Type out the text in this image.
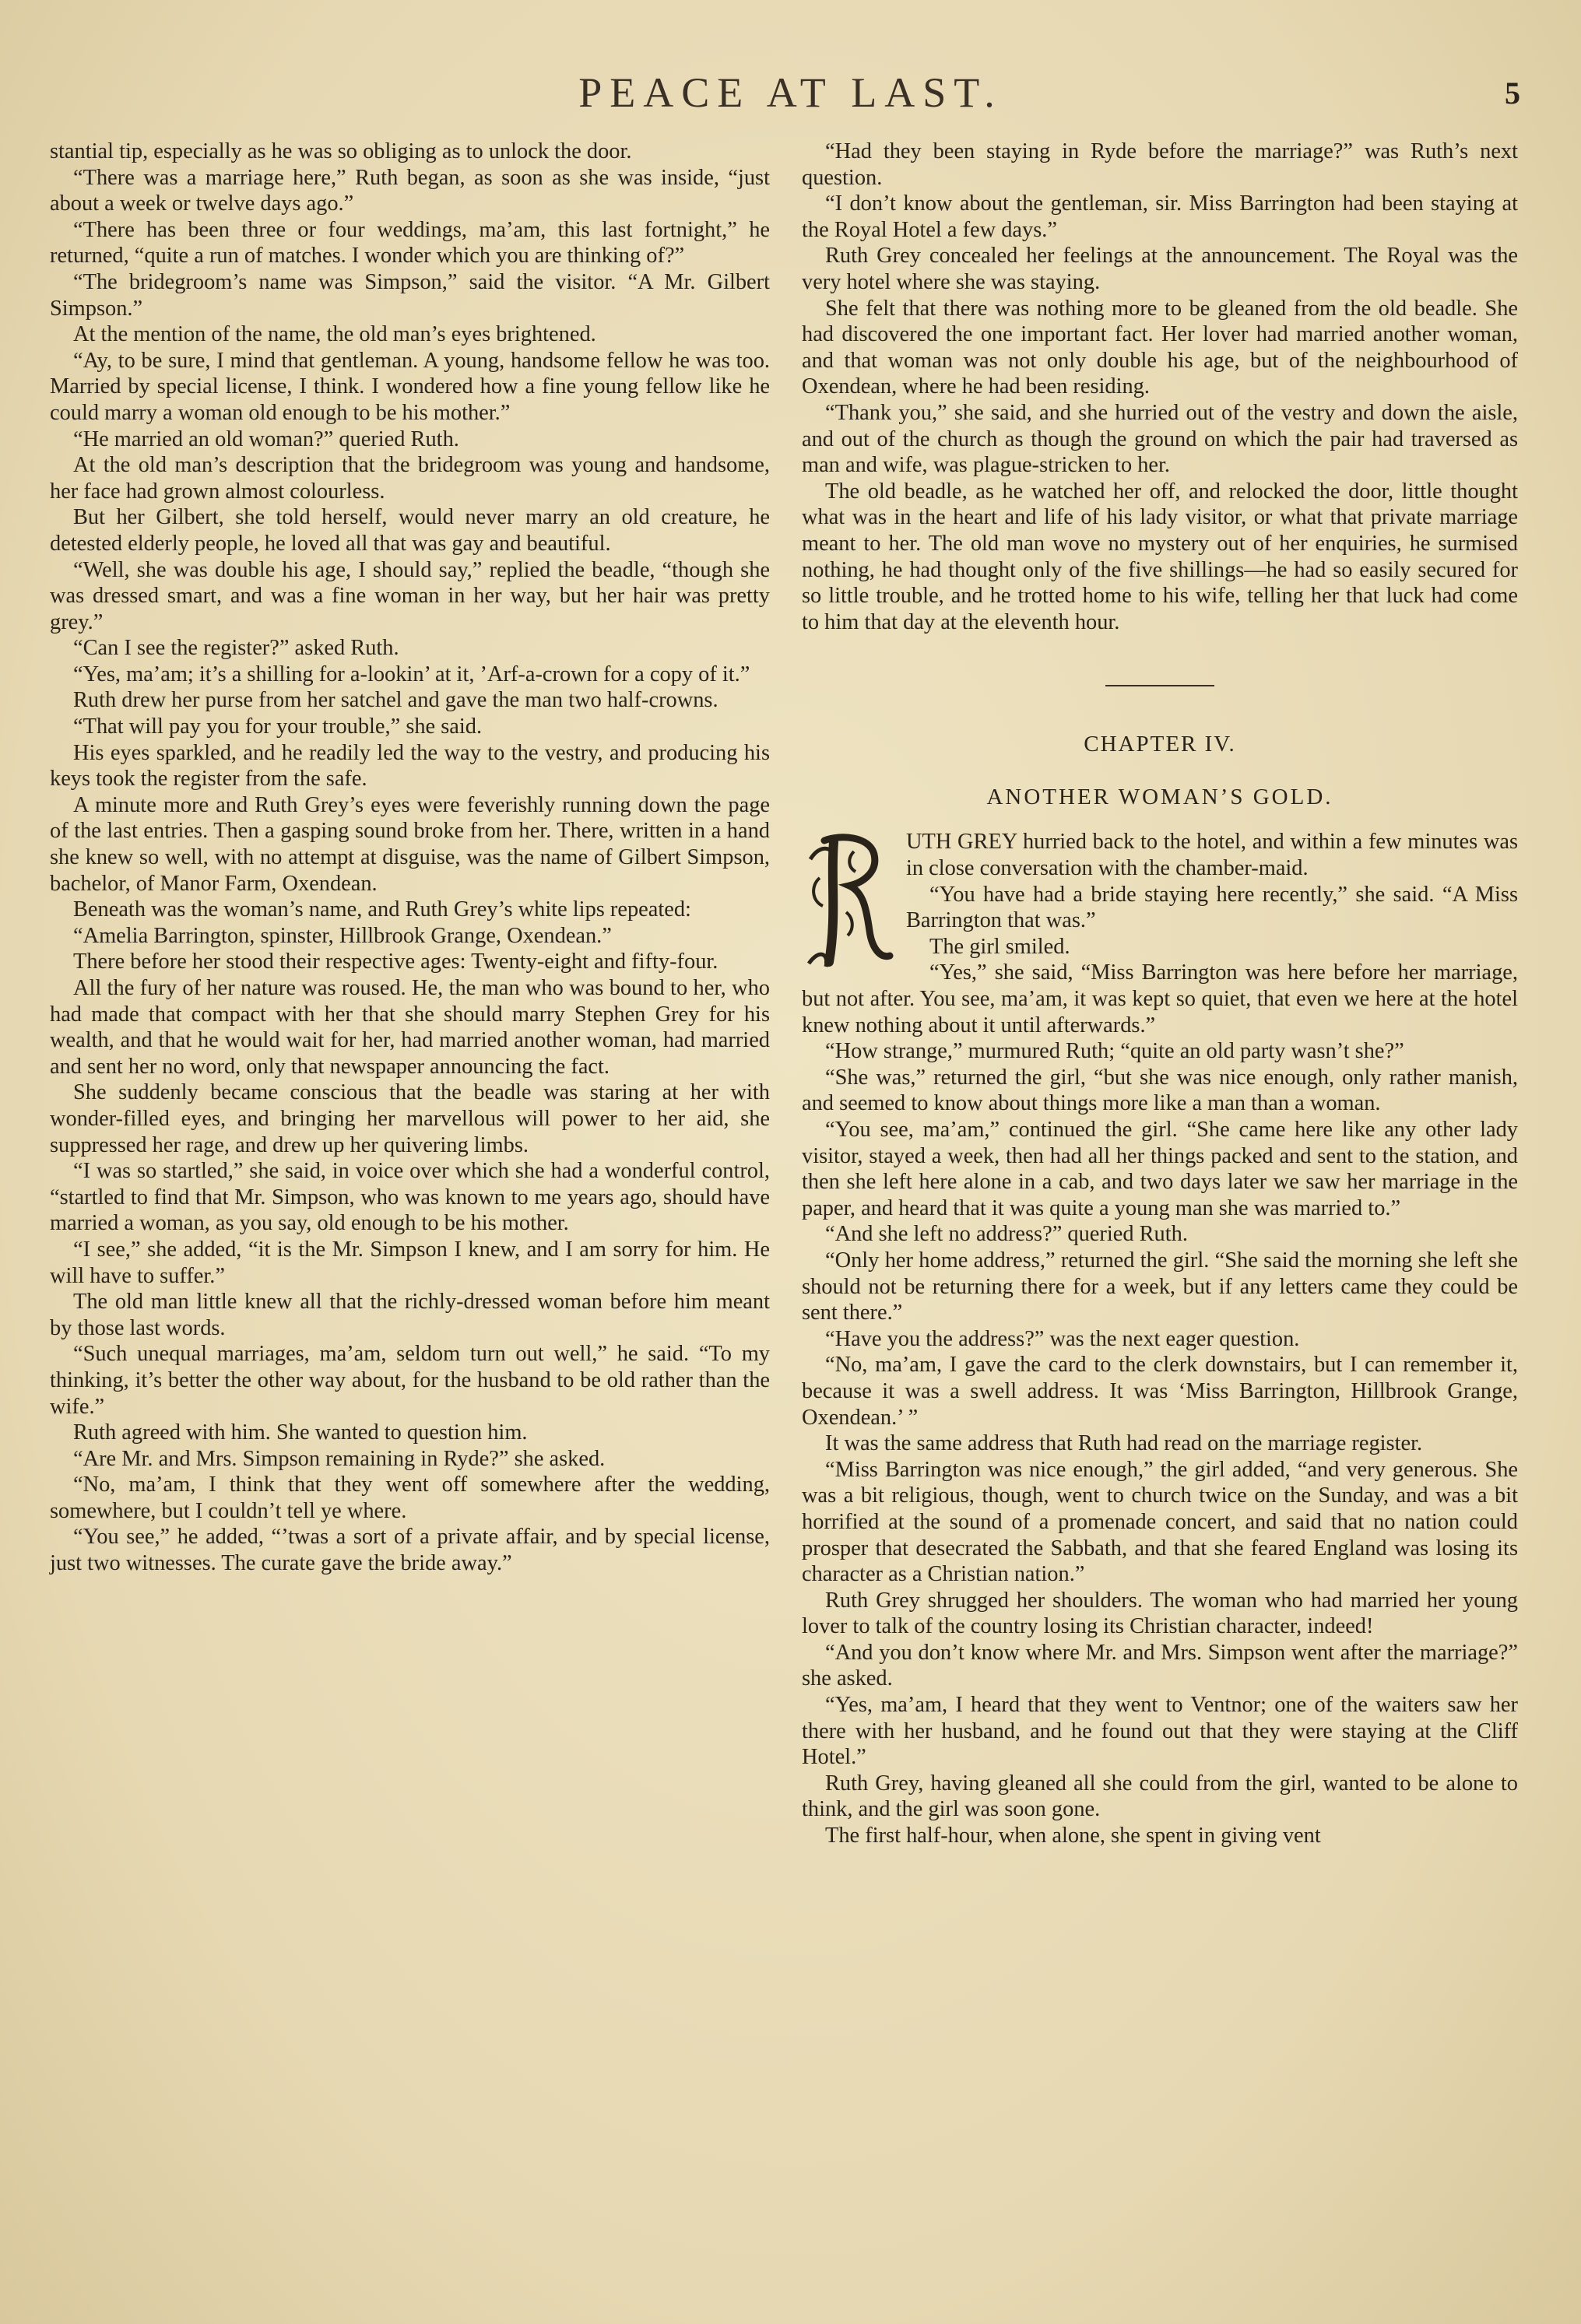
PEACE AT LAST.	5

stantial tip, especially as he was so obliging as to unlock the door.

“There was a marriage here,” Ruth began, as soon as she was inside, “just about a week or twelve days ago.”

“There has been three or four weddings, ma’am, this last fortnight,” he returned, “quite a run of matches. I wonder which you are thinking of?”

“The bridegroom’s name was Simpson,” said the visitor. “A Mr. Gilbert Simpson.”

At the mention of the name, the old man’s eyes brightened.

“Ay, to be sure, I mind that gentleman. A young, handsome fellow he was too. Married by special license, I think. I wondered how a fine young fellow like he could marry a woman old enough to be his mother.”

“He married an old woman?” queried Ruth.

At the old man’s description that the bridegroom was young and handsome, her face had grown almost colourless.

But her Gilbert, she told herself, would never marry an old creature, he detested elderly people, he loved all that was gay and beautiful.

“Well, she was double his age, I should say,” replied the beadle, “though she was dressed smart, and was a fine woman in her way, but her hair was pretty grey.”

“Can I see the register?” asked Ruth.

“Yes, ma’am; it’s a shilling for a-lookin’ at it, ’Arf-a-crown for a copy of it.”

Ruth drew her purse from her satchel and gave the man two half-crowns.

“That will pay you for your trouble,” she said.

His eyes sparkled, and he readily led the way to the vestry, and producing his keys took the register from the safe.

A minute more and Ruth Grey’s eyes were feverishly running down the page of the last entries. Then a gasping sound broke from her. There, written in a hand she knew so well, with no attempt at disguise, was the name of Gilbert Simpson, bachelor, of Manor Farm, Oxendean.

Beneath was the woman’s name, and Ruth Grey’s white lips repeated:

“Amelia Barrington, spinster, Hillbrook Grange, Oxendean.”

There before her stood their respective ages: Twenty-eight and fifty-four.

All the fury of her nature was roused. He, the man who was bound to her, who had made that compact with her that she should marry Stephen Grey for his wealth, and that he would wait for her, had married another woman, had married and sent her no word, only that newspaper announcing the fact.

She suddenly became conscious that the beadle was staring at her with wonder-filled eyes, and bringing her marvellous will power to her aid, she suppressed her rage, and drew up her quivering limbs.

“I was so startled,” she said, in voice over which she had a wonderful control, “startled to find that Mr. Simpson, who was known to me years ago, should have married a woman, as you say, old enough to be his mother.

“I see,” she added, “it is the Mr. Simpson I knew, and I am sorry for him. He will have to suffer.”

The old man little knew all that the richly-dressed woman before him meant by those last words.

“Such unequal marriages, ma’am, seldom turn out well,” he said. “To my thinking, it’s better the other way about, for the husband to be old rather than the wife.”

Ruth agreed with him. She wanted to question him.

“Are Mr. and Mrs. Simpson remaining in Ryde?” she asked.

“No, ma’am, I think that they went off somewhere after the wedding, somewhere, but I couldn’t tell ye where.

“You see,” he added, “’twas a sort of a private affair, and by special license, just two witnesses. The curate gave the bride away.”

“Had they been staying in Ryde before the marriage?” was Ruth’s next question.

“I don’t know about the gentleman, sir. Miss Barrington had been staying at the Royal Hotel a few days.”

Ruth Grey concealed her feelings at the announcement. The Royal was the very hotel where she was staying.

She felt that there was nothing more to be gleaned from the old beadle. She had discovered the one important fact. Her lover had married another woman, and that woman was not only double his age, but of the neighbourhood of Oxendean, where he had been residing.

“Thank you,” she said, and she hurried out of the vestry and down the aisle, and out of the church as though the ground on which the pair had traversed as man and wife, was plague-stricken to her.

The old beadle, as he watched her off, and relocked the door, little thought what was in the heart and life of his lady visitor, or what that private marriage meant to her. The old man wove no mystery out of her enquiries, he surmised nothing, he had thought only of the five shillings—he had so easily secured for so little trouble, and he trotted home to his wife, telling her that luck had come to him that day at the eleventh hour.

CHAPTER IV.
ANOTHER WOMAN’S GOLD.

UTH GREY hurried back to the hotel, and within a few minutes was in close conversation with the chamber-maid.

“You have had a bride staying here recently,” she said. “A Miss Barrington that was.”

The girl smiled.

“Yes,” she said, “Miss Barrington was here before her marriage, but not after. You see, ma’am, it was kept so quiet, that even we here at the hotel knew nothing about it until afterwards.”

“How strange,” murmured Ruth; “quite an old party wasn’t she?”

“She was,” returned the girl, “but she was nice enough, only rather manish, and seemed to know about things more like a man than a woman.

“You see, ma’am,” continued the girl. “She came here like any other lady visitor, stayed a week, then had all her things packed and sent to the station, and then she left here alone in a cab, and two days later we saw her marriage in the paper, and heard that it was quite a young man she was married to.”

“And she left no address?” queried Ruth.

“Only her home address,” returned the girl. “She said the morning she left she should not be returning there for a week, but if any letters came they could be sent there.”

“Have you the address?” was the next eager question.

“No, ma’am, I gave the card to the clerk downstairs, but I can remember it, because it was a swell address. It was ‘Miss Barrington, Hillbrook Grange, Oxendean.’ ”

It was the same address that Ruth had read on the marriage register.

“Miss Barrington was nice enough,” the girl added, “and very generous. She was a bit religious, though, went to church twice on the Sunday, and was a bit horrified at the sound of a promenade concert, and said that no nation could prosper that desecrated the Sabbath, and that she feared England was losing its character as a Christian nation.”

Ruth Grey shrugged her shoulders. The woman who had married her young lover to talk of the country losing its Christian character, indeed!

“And you don’t know where Mr. and Mrs. Simpson went after the marriage?” she asked.

“Yes, ma’am, I heard that they went to Ventnor; one of the waiters saw her there with her husband, and he found out that they were staying at the Cliff Hotel.”

Ruth Grey, having gleaned all she could from the girl, wanted to be alone to think, and the girl was soon gone.

The first half-hour, when alone, she spent in giving vent
